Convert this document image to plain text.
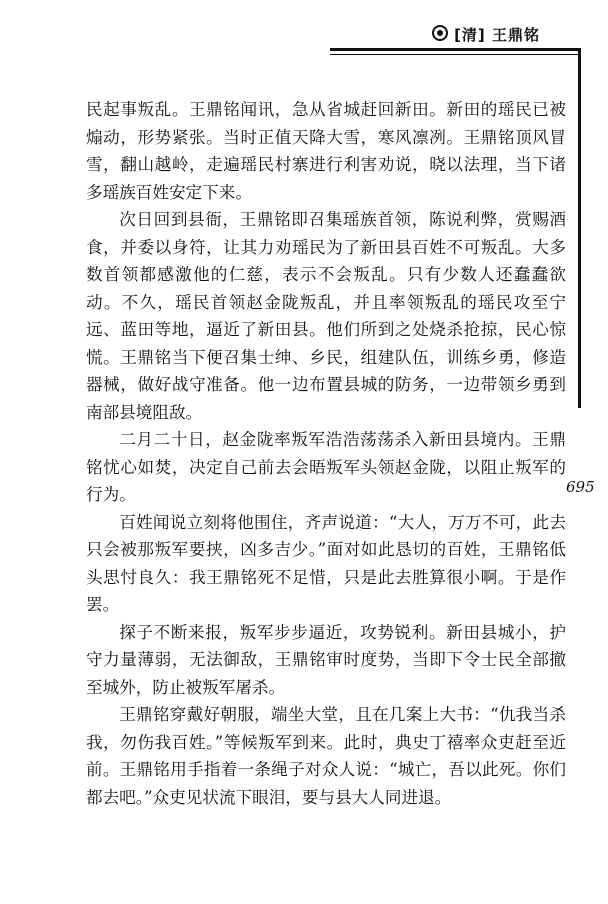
[清] 王鼎铭
695

民起事叛乱。王鼎铭闻讯，急从省城赶回新田。新田的瑶民已被煽动，形势紧张。当时正值天降大雪，寒风凛冽。王鼎铭顶风冒雪，翻山越岭，走遍瑶民村寨进行利害劝说，晓以法理，当下诸多瑶族百姓安定下来。

次日回到县衙，王鼎铭即召集瑶族首领，陈说利弊，赏赐酒食，并委以身符，让其力劝瑶民为了新田县百姓不可叛乱。大多数首领都感激他的仁慈，表示不会叛乱。只有少数人还蠢蠢欲动。不久，瑶民首领赵金陇叛乱，并且率领叛乱的瑶民攻至宁远、蓝田等地，逼近了新田县。他们所到之处烧杀抢掠，民心惊慌。王鼎铭当下便召集士绅、乡民，组建队伍，训练乡勇，修造器械，做好战守准备。他一边布置县城的防务，一边带领乡勇到南部县境阻敌。

二月二十日，赵金陇率叛军浩浩荡荡杀入新田县境内。王鼎铭忧心如焚，决定自己前去会晤叛军头领赵金陇，以阻止叛军的行为。

百姓闻说立刻将他围住，齐声说道：“大人，万万不可，此去只会被那叛军要挟，凶多吉少。”面对如此恳切的百姓，王鼎铭低头思忖良久：我王鼎铭死不足惜，只是此去胜算很小啊。于是作罢。

探子不断来报，叛军步步逼近，攻势锐利。新田县城小，护守力量薄弱，无法御敌，王鼎铭审时度势，当即下令士民全部撤至城外，防止被叛军屠杀。

王鼎铭穿戴好朝服，端坐大堂，且在几案上大书：“仇我当杀我，勿伤我百姓。”等候叛军到来。此时，典史丁禧率众吏赶至近前。王鼎铭用手指着一条绳子对众人说：“城亡，吾以此死。你们都去吧。”众吏见状流下眼泪，要与县大人同进退。
